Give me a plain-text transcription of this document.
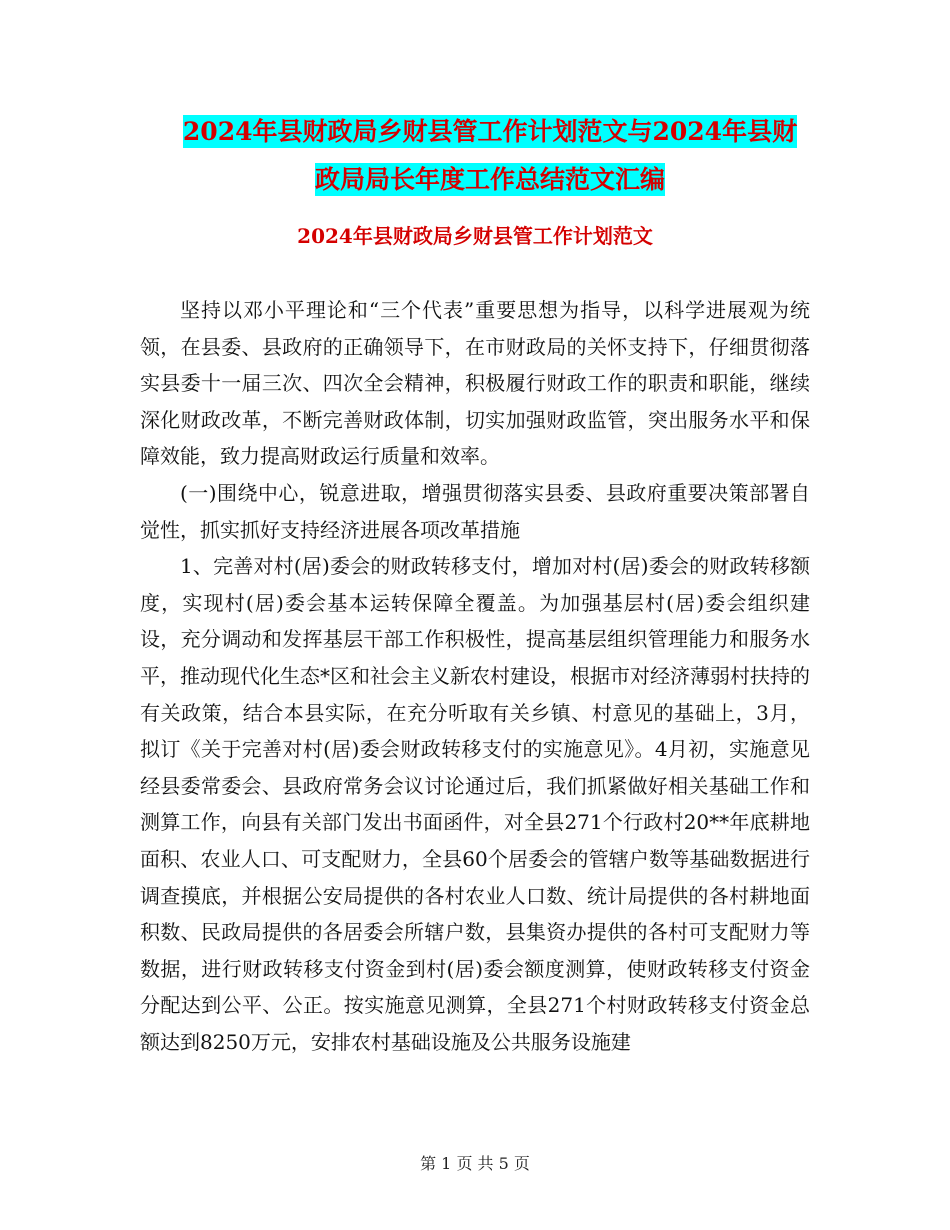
2024年县财政局乡财县管工作计划范文与2024年县财
政局局长年度工作总结范文汇编
2024年县财政局乡财县管工作计划范文

坚持以邓小平理论和“三个代表”重要思想为指导，以科学进展观为统领，在县委、县政府的正确领导下，在市财政局的关怀支持下，仔细贯彻落实县委十一届三次、四次全会精神，积极履行财政工作的职责和职能，继续深化财政改革，不断完善财政体制，切实加强财政监管，突出服务水平和保障效能，致力提高财政运行质量和效率。

(一)围绕中心，锐意进取，增强贯彻落实县委、县政府重要决策部署自觉性，抓实抓好支持经济进展各项改革措施

1、完善对村(居)委会的财政转移支付，增加对村(居)委会的财政转移额度，实现村(居)委会基本运转保障全覆盖。为加强基层村(居)委会组织建设，充分调动和发挥基层干部工作积极性，提高基层组织管理能力和服务水平，推动现代化生态*区和社会主义新农村建设，根据市对经济薄弱村扶持的有关政策，结合本县实际，在充分听取有关乡镇、村意见的基础上，3月，拟订《关于完善对村(居)委会财政转移支付的实施意见》。4月初，实施意见经县委常委会、县政府常务会议讨论通过后，我们抓紧做好相关基础工作和测算工作，向县有关部门发出书面函件，对全县271个行政村20**年底耕地面积、农业人口、可支配财力，全县60个居委会的管辖户数等基础数据进行调查摸底，并根据公安局提供的各村农业人口数、统计局提供的各村耕地面积数、民政局提供的各居委会所辖户数，县集资办提供的各村可支配财力等数据，进行财政转移支付资金到村(居)委会额度测算，使财政转移支付资金分配达到公平、公正。按实施意见测算，全县271个村财政转移支付资金总额达到8250万元，安排农村基础设施及公共服务设施建

第 1 页 共 5 页
